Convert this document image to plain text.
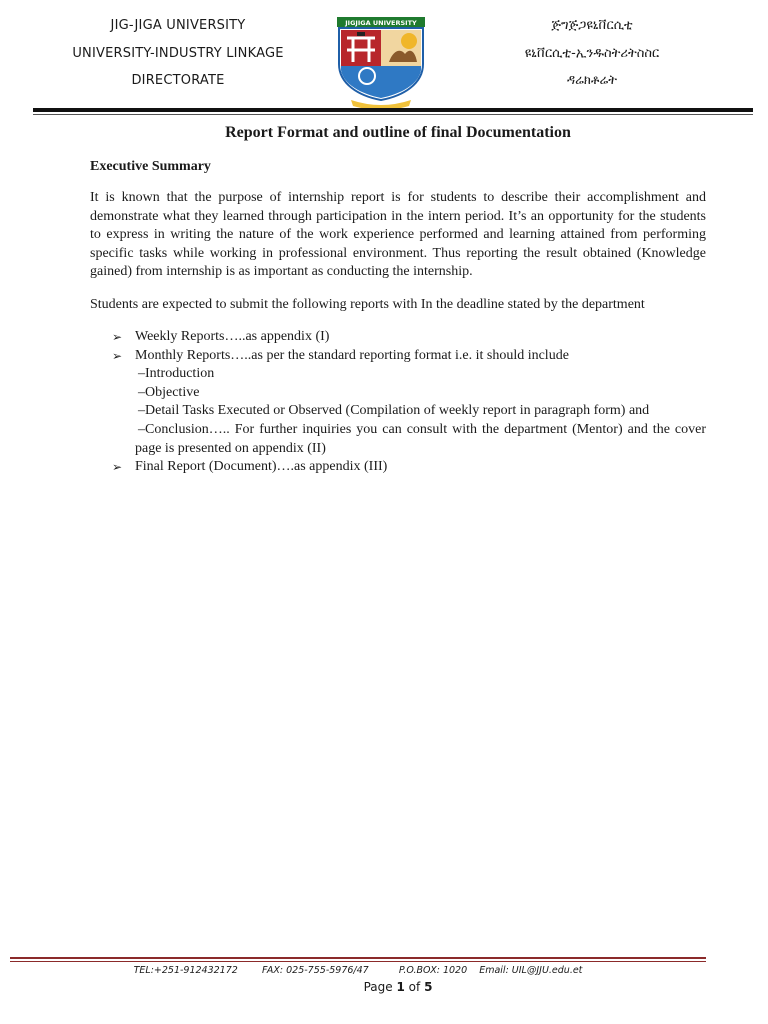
JIG-JIGA UNIVERSITY
UNIVERSITY-INDUSTRY LINKAGE
DIRECTORATE
JIGJIGA UNIVERSITY	ጅግጅጋዩኒቨርሲቲ
ዩኒቨርሲቲ-ኢንዱስትሪትስስር
ዳሬክቶሬት
Report Format and outline of final Documentation
Executive Summary

It is known that the purpose of internship report is for students to describe their accomplishment and demonstrate what they learned through participation in the intern period. It’s an opportunity for the students to express in writing the nature of the work experience performed and learning attained from performing specific tasks while working in professional environment. Thus reporting the result obtained (Knowledge gained) from internship is as important as conducting the internship.

Students are expected to submit the following reports with In the deadline stated by the department

➢ Weekly Reports…..as appendix (I)
➢ Monthly Reports…..as per the standard reporting format i.e. it should include
–Introduction
–Objective
–Detail Tasks Executed or Observed (Compilation of weekly report in paragraph form) and
–Conclusion….. For further inquiries you can consult with the department (Mentor) and the cover
page is presented on appendix (II)
➢ Final Report (Document)….as appendix (III)
TEL:+251-912432172	FAX: 025-755-5976/47	P.O.BOX: 1020 Email: UIL@JJU.edu.et
Page 1 of 5
